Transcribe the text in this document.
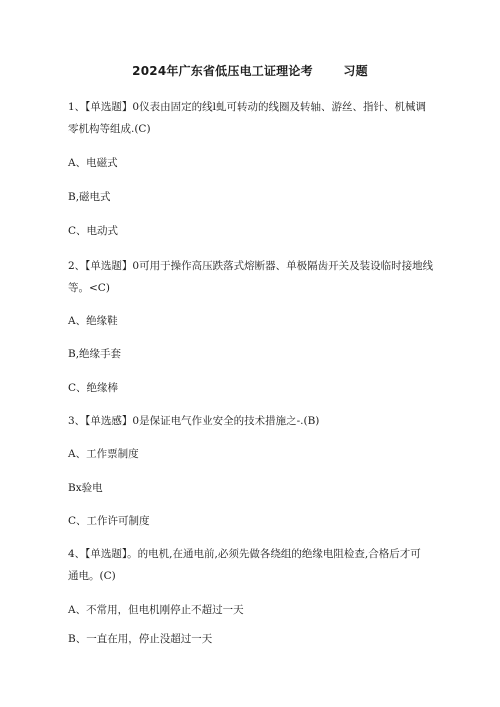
2024年广东省低压电工证理论考       习题
1、【单选题】0仪表由固定的线l虬可转动的线圈及转轴、游丝、指针、机械调
零机构等组成.(C)
A、电磁式
B,磁电式
C、电动式
2、【单选题】0可用于操作高压跌落式熔断器、单极隔齿开关及装设临时接地线
等。<C)
A、绝缘鞋
B,绝缘手套
C、绝缘棒
3、【单选感】0是保证电气作业安全的技术措施之-.(B)
A、工作票制度
Bx验电
C、工作许可制度
4、【单选题】。的电机,在通电前,必须先做各绕组的绝缘电阻检查,合格后才可
通电。(C)
A、不常用，但电机刚停止不超过一天
B、一直在用，停止没超过一天
